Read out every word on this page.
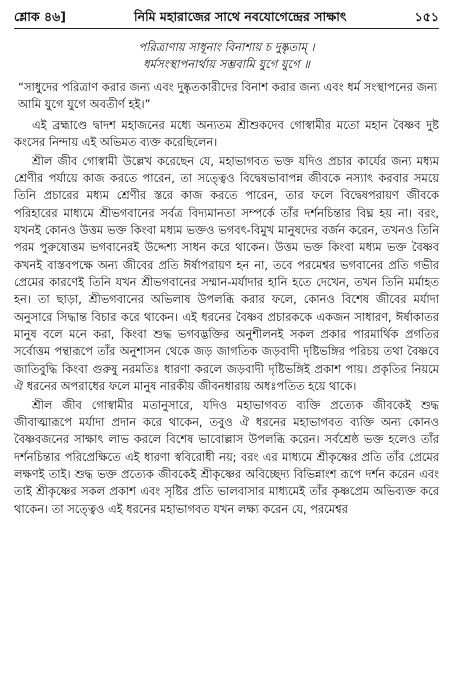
শ্লোক ৪৬]	নিমি মহারাজের সাথে নবযোগেন্দ্রের সাক্ষাৎ	১৫১
পরিত্রাণায় সাধূনাং বিনাশায় চ দুষ্কৃতাম্‌ ।
ধর্মসংস্থাপনার্থায় সম্ভবামি যুগে যুগে ॥

“সাধুদের পরিত্রাণ করার জন্য এবং দুষ্কৃতকারীদের বিনাশ করার জন্য এবং ধর্ম সংস্থাপনের জন্য আমি যুগে যুগে অবতীর্ণ হই।”

এই ব্রহ্মাণ্ডে দ্বাদশ মহাজনের মধ্যে অন্যতম শ্রীশুকদেব গোস্বামীর মতো মহান বৈষ্ণব দুষ্ট কংসের নিন্দায় এই অভিমত ব্যক্ত করেছিলেন।

শ্রীল জীব গোস্বামী উল্লেখ করেছেন যে, মহাভাগবত ভক্ত যদিও প্রচার কার্যের জন্য মধ্যম শ্রেণীর পর্যায়ে কাজ করতে পারেন, তা সত্ত্বেও বিদ্বেষভাবাপন্ন জীবকে নস্যাৎ করবার সময়ে তিনি প্রচারের মধ্যম শ্রেণীর স্তরে কাজ করতে পারেন, তার ফলে বিদ্বেষপরায়ণ জীবকে পরিহারের মাধ্যমে শ্রীভগবানের সর্বত্র বিদ্যমানতা সম্পর্কে তাঁর দর্শনচিন্তার বিঘ্ন হয় না। বরং, যখনই কোনও উত্তম ভক্ত কিংবা মধ্যম ভক্তও ভগবৎ-বিমুখ মানুষদের বর্জন করেন, তখনও তিনি পরম পুরুষোত্তম ভগবানেরই উদ্দেশ্য সাধন করে থাকেন। উত্তম ভক্ত কিংবা মধ্যম ভক্ত বৈষ্ণব কখনই বাস্তবপক্ষে অন্য জীবের প্রতি ঈর্ষাপরায়ণ হন না, তবে পরমেশ্বর ভগবানের প্রতি গভীর প্রেমের কারণেই তিনি যখন শ্রীভগবানের সম্মান-মর্যাদার হানি হতে দেখেন, তখন তিনি মর্মাহত হন। তা ছাড়া, শ্রীভগবানের অভিলাষ উপলব্ধি করার ফলে, কোনও বিশেষ জীবের মর্যাদা অনুসারে সিদ্ধান্ত বিচার করে থাকেন। এই ধরনের বৈষ্ণব প্রচারককে একজন সাধারণ, ঈর্ষাকাতর মানুষ বলে মনে করা, কিংবা শুদ্ধ ভগবদ্ভক্তির অনুশীলনই সকল প্রকার পারমার্থিক প্রগতির সর্বোত্তম পন্থারূপে তাঁর অনুশাসন থেকে জড় জাগতিক জড়বাদী দৃষ্টিভঙ্গির পরিচয় তথা বৈষ্ণবে জাতিবুদ্ধি কিংবা গুরুষু নরমতিঃ ধারণা করলে জড়বাদী দৃষ্টিভঙ্গিই প্রকাশ পায়। প্রকৃতির নিয়মে ঐ ধরনের অপরাধের ফলে মানুষ নারকীয় জীবনধারায় অধঃপতিত হয়ে থাকে।

শ্রীল জীব গোস্বামীর মতানুসারে, যদিও মহাভাগবত ব্যক্তি প্রত্যেক জীবকেই শুদ্ধ জীবাত্মারূপে মর্যাদা প্রদান করে থাকেন, তবুও ঐ ধরনের মহাভাগবত ব্যক্তি অন্য কোনও বৈষ্ণবজনের সাক্ষাৎ লাভ করলে বিশেষ ভাবোল্লাস উপলব্ধি করেন। সর্বশ্রেষ্ঠ ভক্ত হলেও তাঁর দর্শনচিন্তার পরিপ্রেক্ষিতে এই ধারণা স্ববিরোধী নয়; বরং এর মাধ্যমে শ্রীকৃষ্ণের প্রতি তাঁর প্রেমের লক্ষণই তাই। শুদ্ধ ভক্ত প্রত্যেক জীবকেই শ্রীকৃষ্ণের অবিচ্ছেদ্য বিভিন্নাংশ রূপে দর্শন করেন এবং তাই শ্রীকৃষ্ণের সকল প্রকাশ এবং সৃষ্টির প্রতি ভালবাসার মাধ্যমেই তাঁর কৃষ্ণপ্রেম অভিব্যক্ত করে থাকেন। তা সত্ত্বেও এই ধরনের মহাভাগবত যখন লক্ষ্য করেন যে, পরমেশ্বর
